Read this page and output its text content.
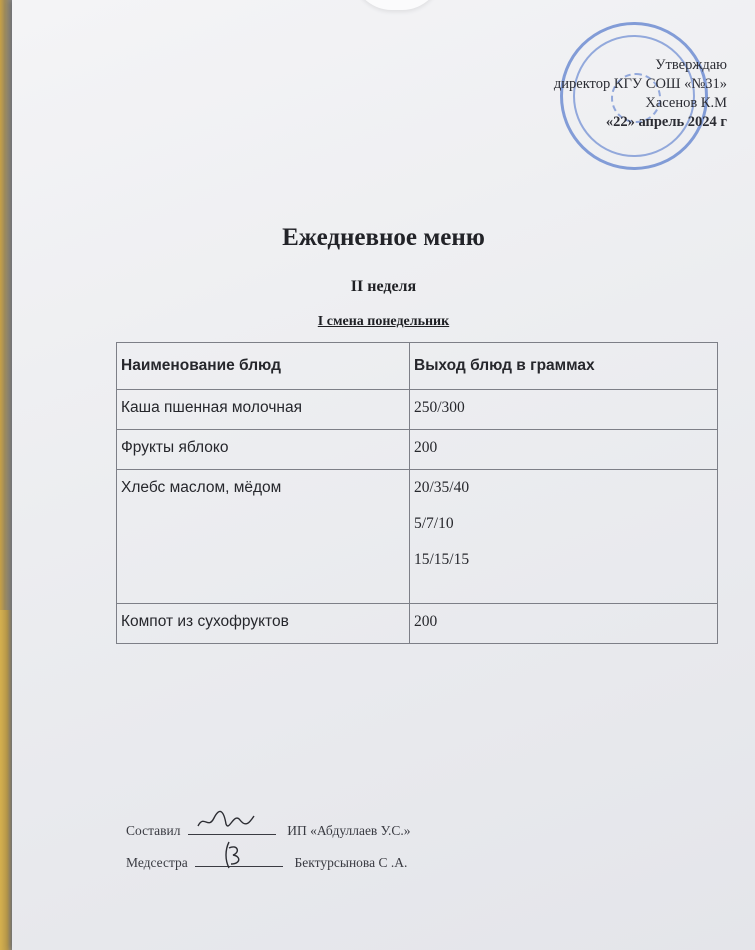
Утверждаю
директор КГУ СОШ «№31»
Хасенов К.М
«22» апрель 2024 г
Ежедневное меню
II неделя
I смена понедельник
Наименование блюд	Выход блюд в граммах
Каша пшенная молочная	250/300
Фрукты яблоко	200
Хлебс маслом, мёдом	20/35/40
5/7/10
15/15/15

Компот из сухофруктов	200
Составил	ИП «Абдуллаев У.С.»
Медсестра	Бектурсынова С .А.
